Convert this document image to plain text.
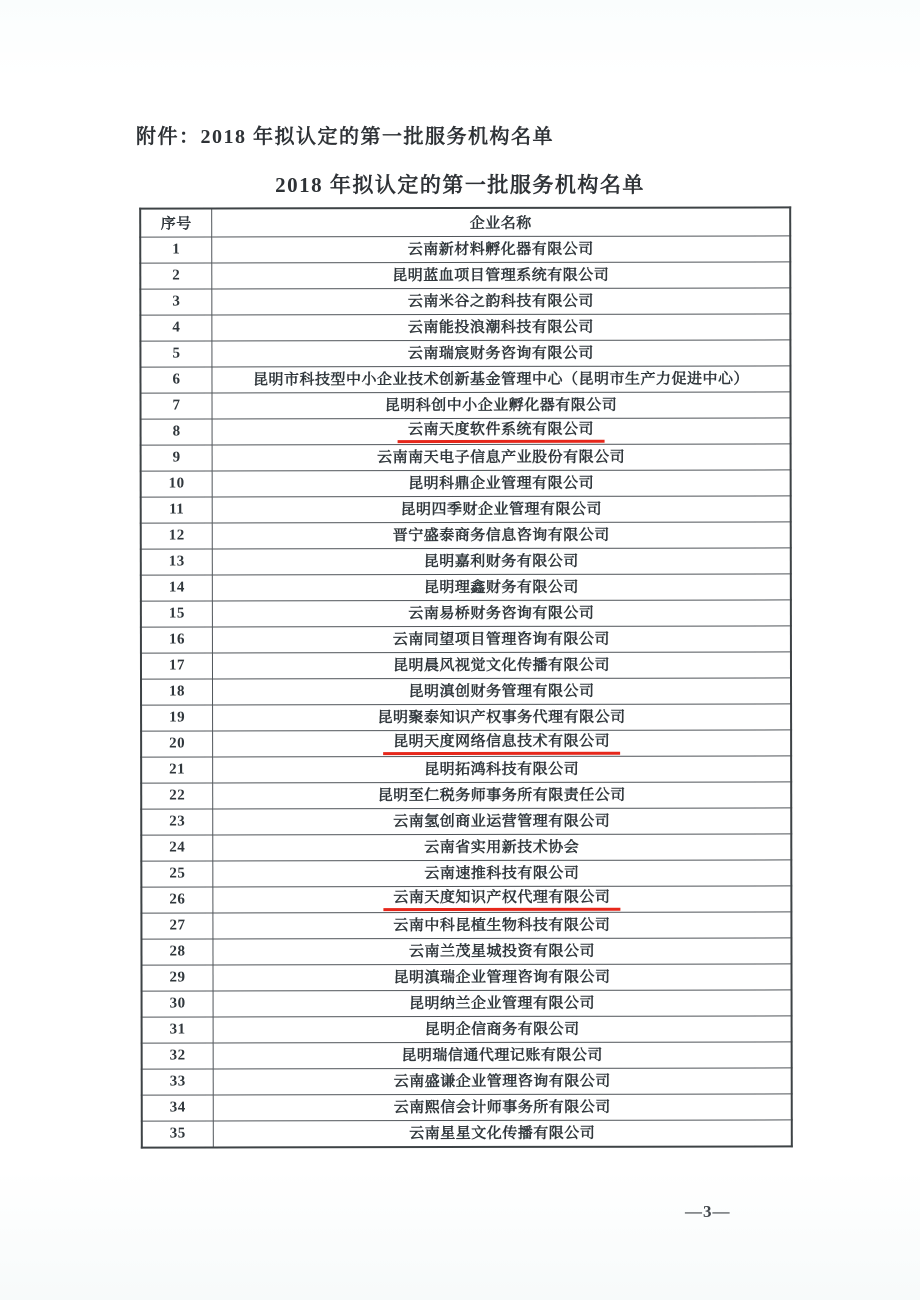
附件：2018 年拟认定的第一批服务机构名单
2018 年拟认定的第一批服务机构名单
序号	企业名称
1	云南新材料孵化器有限公司
2	昆明蓝血项目管理系统有限公司
3	云南米谷之韵科技有限公司
4	云南能投浪潮科技有限公司
5	云南瑞宸财务咨询有限公司
6	昆明市科技型中小企业技术创新基金管理中心（昆明市生产力促进中心）
7	昆明科创中小企业孵化器有限公司
8	云南天度软件系统有限公司
9	云南南天电子信息产业股份有限公司
10	昆明科鼎企业管理有限公司
11	昆明四季财企业管理有限公司
12	晋宁盛泰商务信息咨询有限公司
13	昆明嘉利财务有限公司
14	昆明理鑫财务有限公司
15	云南易桥财务咨询有限公司
16	云南同望项目管理咨询有限公司
17	昆明晨风视觉文化传播有限公司
18	昆明滇创财务管理有限公司
19	昆明聚泰知识产权事务代理有限公司
20	昆明天度网络信息技术有限公司
21	昆明拓鸿科技有限公司
22	昆明至仁税务师事务所有限责任公司
23	云南氢创商业运营管理有限公司
24	云南省实用新技术协会
25	云南速推科技有限公司
26	云南天度知识产权代理有限公司
27	云南中科昆植生物科技有限公司
28	云南兰茂星城投资有限公司
29	昆明滇瑞企业管理咨询有限公司
30	昆明纳兰企业管理有限公司
31	昆明企信商务有限公司
32	昆明瑞信通代理记账有限公司
33	云南盛谦企业管理咨询有限公司
34	云南熙信会计师事务所有限公司
35	云南星星文化传播有限公司
—3—
